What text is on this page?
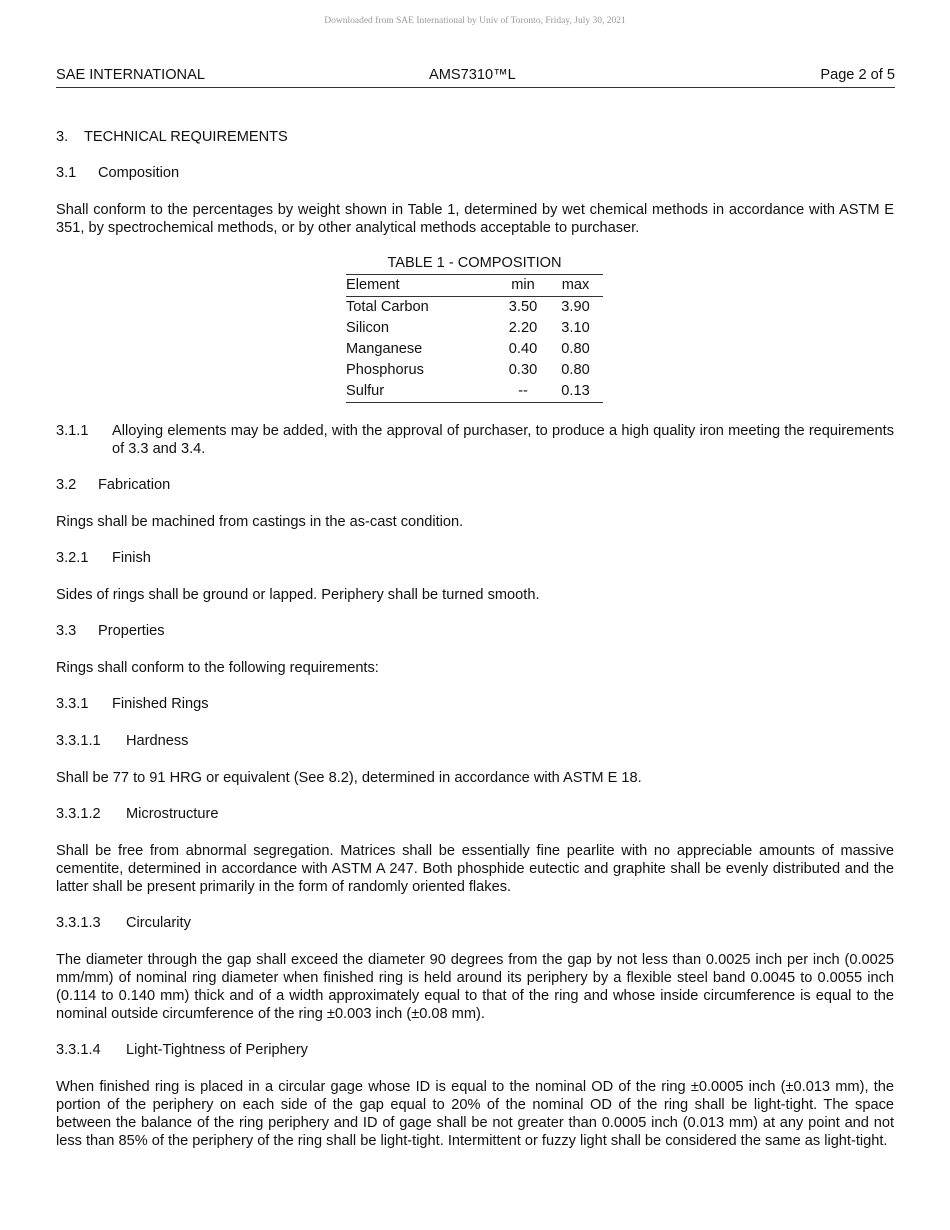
Downloaded from SAE International by Univ of Toronto, Friday, July 30, 2021
SAE INTERNATIONAL	AMS7310™L	Page 2 of 5

3. TECHNICAL REQUIREMENTS

3.1 Composition

Shall conform to the percentages by weight shown in Table 1, determined by wet chemical methods in accordance with ASTM E 351, by spectrochemical methods, or by other analytical methods acceptable to purchaser.

TABLE 1 - COMPOSITION
Element	min	max
Total Carbon	3.50	3.90
Silicon	2.20	3.10
Manganese	0.40	0.80
Phosphorus	0.30	0.80
Sulfur	--	0.13
3.1.1	Alloying elements may be added, with the approval of purchaser, to produce a high quality iron meeting the requirements of 3.3 and 3.4.

3.2 Fabrication

Rings shall be machined from castings in the as-cast condition.

3.2.1 Finish

Sides of rings shall be ground or lapped. Periphery shall be turned smooth.

3.3 Properties

Rings shall conform to the following requirements:

3.3.1 Finished Rings

3.3.1.1 Hardness

Shall be 77 to 91 HRG or equivalent (See 8.2), determined in accordance with ASTM E 18.

3.3.1.2 Microstructure

Shall be free from abnormal segregation. Matrices shall be essentially fine pearlite with no appreciable amounts of massive cementite, determined in accordance with ASTM A 247. Both phosphide eutectic and graphite shall be evenly distributed and the latter shall be present primarily in the form of randomly oriented flakes.

3.3.1.3 Circularity

The diameter through the gap shall exceed the diameter 90 degrees from the gap by not less than 0.0025 inch per inch (0.0025 mm/mm) of nominal ring diameter when finished ring is held around its periphery by a flexible steel band 0.0045 to 0.0055 inch (0.114 to 0.140 mm) thick and of a width approximately equal to that of the ring and whose inside circumference is equal to the nominal outside circumference of the ring ±0.003 inch (±0.08 mm).

3.3.1.4 Light-Tightness of Periphery

When finished ring is placed in a circular gage whose ID is equal to the nominal OD of the ring ±0.0005 inch (±0.013 mm), the portion of the periphery on each side of the gap equal to 20% of the nominal OD of the ring shall be light-tight. The space between the balance of the ring periphery and ID of gage shall be not greater than 0.0005 inch (0.013 mm) at any point and not less than 85% of the periphery of the ring shall be light-tight. Intermittent or fuzzy light shall be considered the same as light-tight.
